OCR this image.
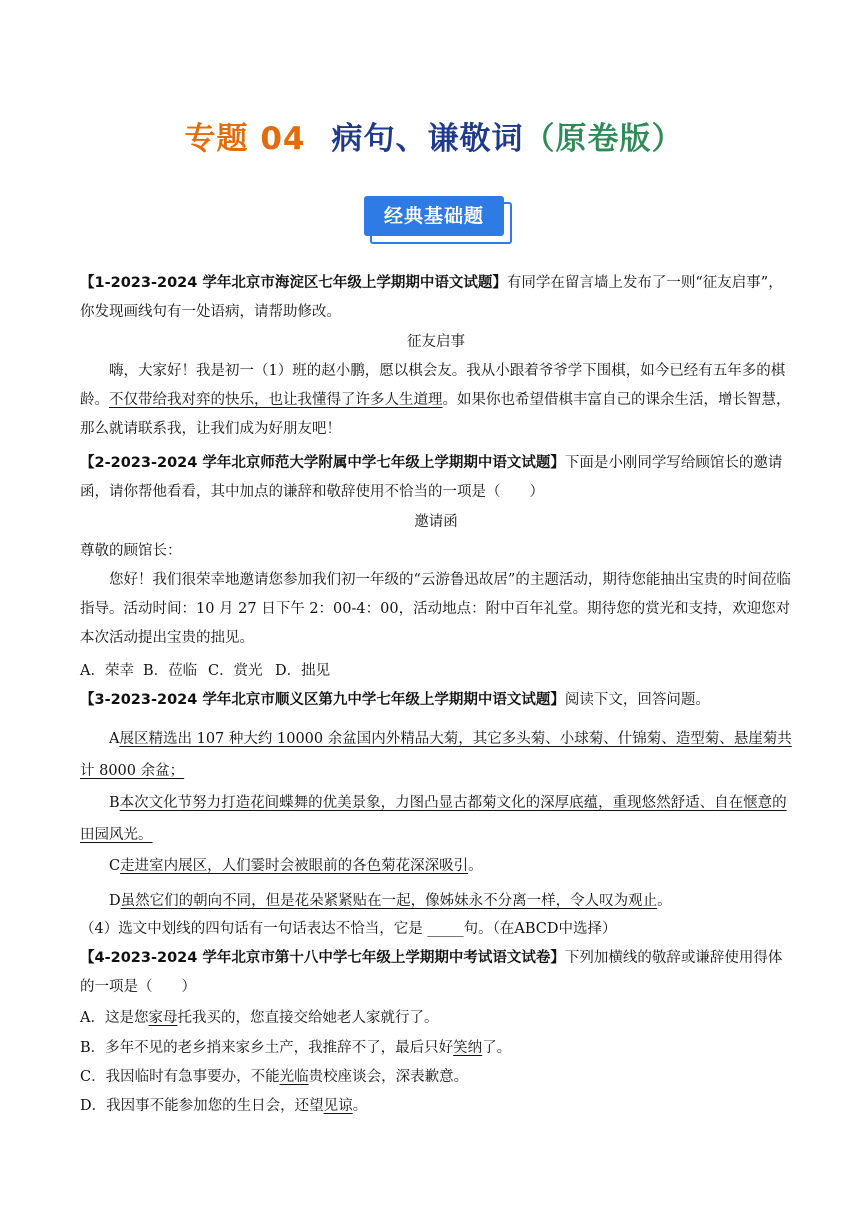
专题 04 病句、谦敬词（原卷版）
经典基础题
【1-2023-2024 学年北京市海淀区七年级上学期期中语文试题】有同学在留言墙上发布了一则“征友启事”，你发现画线句有一处语病，请帮助修改。
征友启事
嗨，大家好！我是初一（1）班的赵小鹏，愿以棋会友。我从小跟着爷爷学下围棋，如今已经有五年多的棋龄。不仅带给我对弈的快乐，也让我懂得了许多人生道理。如果你也希望借棋丰富自己的课余生活，增长智慧，那么就请联系我，让我们成为好朋友吧！
【2-2023-2024 学年北京师范大学附属中学七年级上学期期中语文试题】下面是小刚同学写给顾馆长的邀请函，请你帮他看看，其中加点的谦辞和敬辞使用不恰当的一项是（　　）
邀请函
尊敬的顾馆长：
您好！我们很荣幸地邀请您参加我们初一年级的“云游鲁迅故居”的主题活动，期待您能抽出宝贵的时间莅临指导。活动时间：10 月 27 日下午 2：00-4：00，活动地点：附中百年礼堂。期待您的赏光和支持，欢迎您对本次活动提出宝贵的拙见。
A．荣幸 B．莅临 C．赏光 D．拙见
【3-2023-2024 学年北京市顺义区第九中学七年级上学期期中语文试题】阅读下文，回答问题。
A展区精选出 107 种大约 10000 余盆国内外精品大菊，其它多头菊、小球菊、什锦菊、造型菊、悬崖菊共计 8000 余盆；
B本次文化节努力打造花间蝶舞的优美景象，力图凸显古都菊文化的深厚底蕴，重现悠然舒适、自在惬意的田园风光。
C走进室内展区，人们霎时会被眼前的各色菊花深深吸引。
D虽然它们的朝向不同，但是花朵紧紧贴在一起，像姊妹永不分离一样，令人叹为观止。
（4）选文中划线的四句话有一句话表达不恰当，它是 _____句。（在ABCD中选择）
【4-2023-2024 学年北京市第十八中学七年级上学期期中考试语文试卷】下列加横线的敬辞或谦辞使用得体的一项是（　　）
A．这是您家母托我买的，您直接交给她老人家就行了。
B．多年不见的老乡捎来家乡土产，我推辞不了，最后只好笑纳了。
C．我因临时有急事要办，不能光临贵校座谈会，深表歉意。
D．我因事不能参加您的生日会，还望见谅。
